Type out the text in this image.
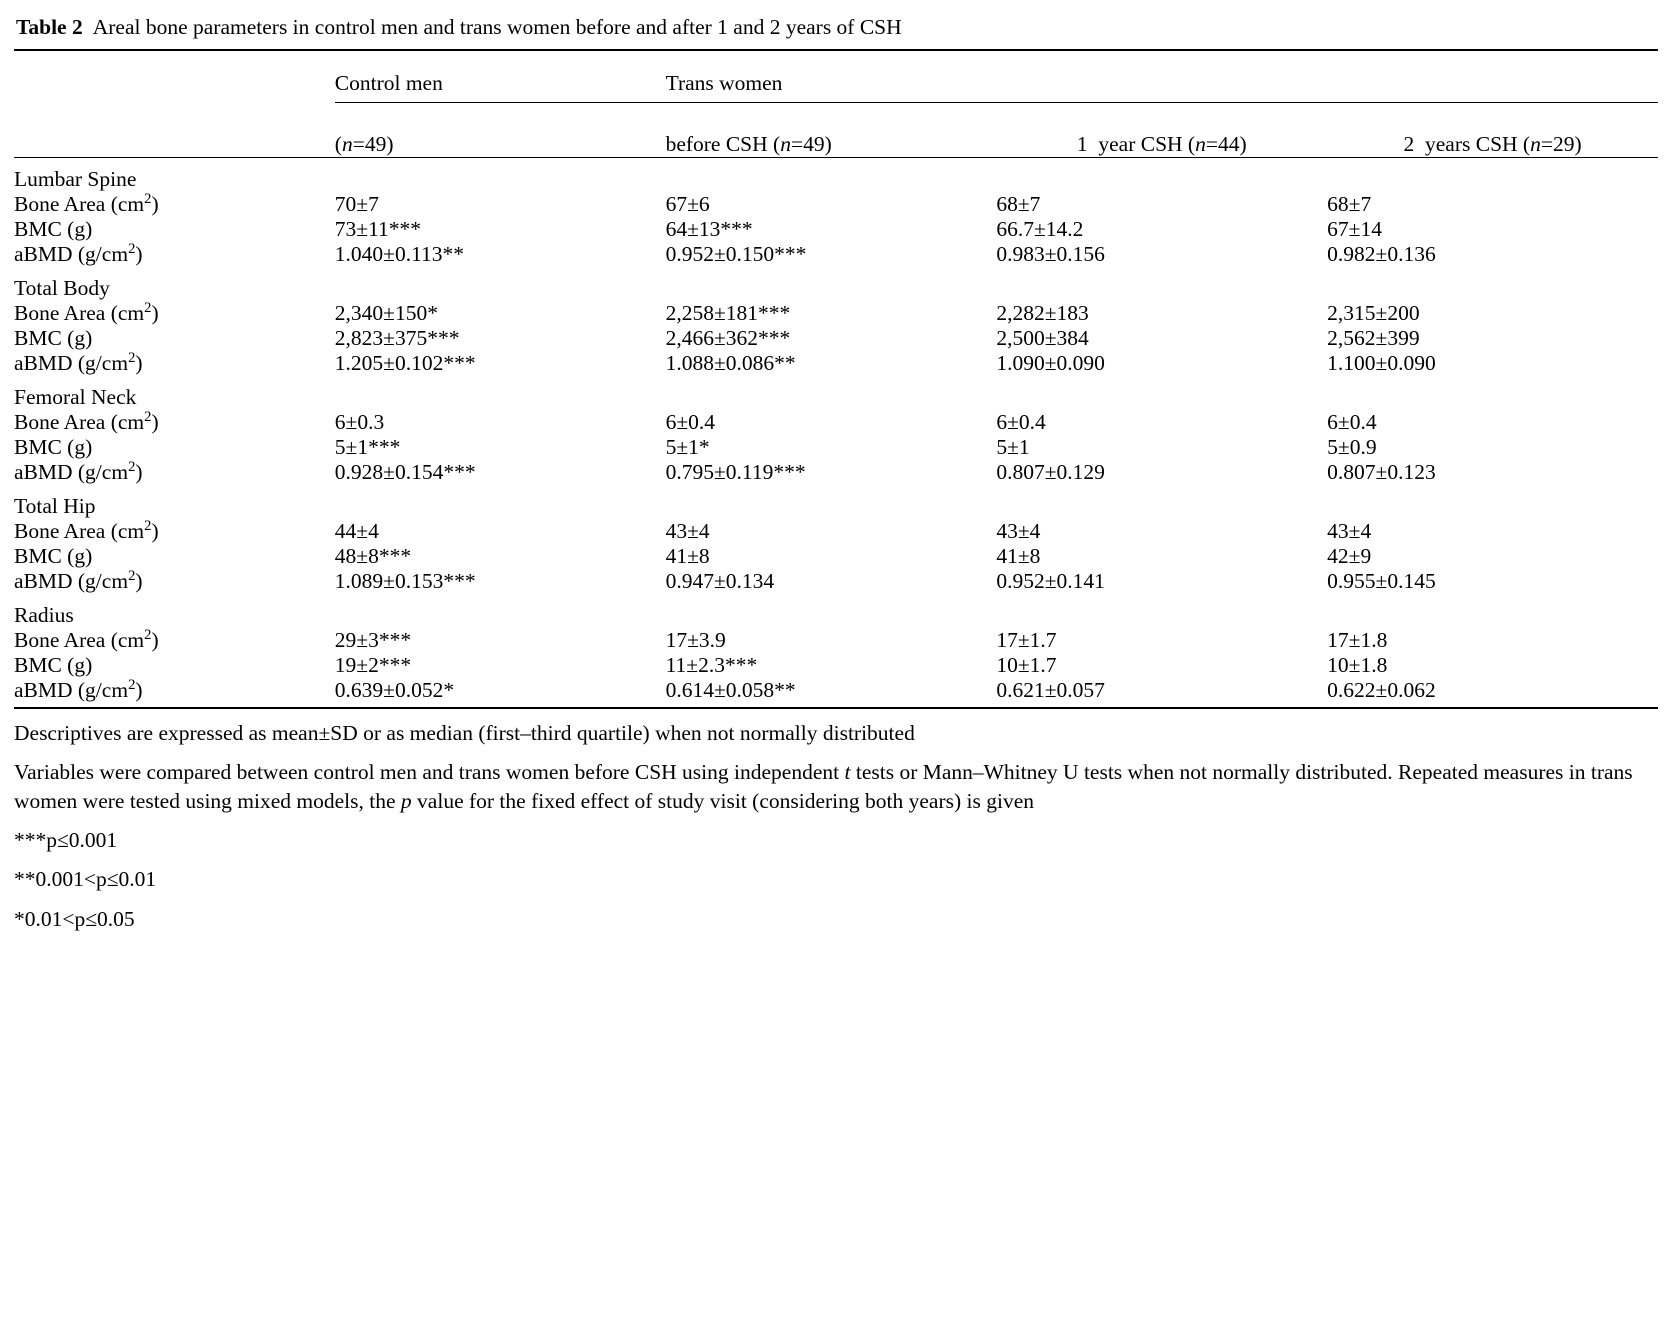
Table 2 Areal bone parameters in control men and trans women before and after 1 and 2 years of CSH

	Control men	Trans women		

	(n=49)	before CSH (n=49)	1  year CSH (n=44)	2  years CSH (n=29)
Lumbar Spine				
Bone Area $(cm^2)$	70±7	67±6	68±7	68±7
BMC (g)	73±11***	64±13***	66.7±14.2	67±14
aBMD $(g/cm^2)$	1.040±0.113**	0.952±0.150***	0.983±0.156	0.982±0.136
Total Body				
Bone Area $(cm^2)$	2,340±150*	2,258±181***	2,282±183	2,315±200
BMC (g)	2,823±375***	2,466±362***	2,500±384	2,562±399
aBMD $(g/cm^2)$	1.205±0.102***	1.088±0.086**	1.090±0.090	1.100±0.090
Femoral Neck				
Bone Area $(cm^2)$	6±0.3	6±0.4	6±0.4	6±0.4
BMC (g)	5±1***	5±1*	5±1	5±0.9
aBMD $(g/cm^2)$	0.928±0.154***	0.795±0.119***	0.807±0.129	0.807±0.123
Total Hip				
Bone Area $(cm^2)$	44±4	43±4	43±4	43±4
BMC (g)	48±8***	41±8	41±8	42±9
aBMD $(g/cm^2)$	1.089±0.153***	0.947±0.134	0.952±0.141	0.955±0.145
Radius				
Bone Area $(cm^2)$	29±3***	17±3.9	17±1.7	17±1.8
BMC (g)	19±2***	11±2.3***	10±1.7	10±1.8
aBMD $(g/cm^2)$	0.639±0.052*	0.614±0.058**	0.621±0.057	0.622±0.062

Descriptives are expressed as mean±SD or as median (first–third quartile) when not normally distributed

Variables were compared between control men and trans women before CSH using independent t tests or Mann–Whitney U tests when not normally distributed. Repeated measures in trans women were tested using mixed models, the p value for the fixed effect of study visit (considering both years) is given

***p≤0.001

**0.001<p≤0.01

*0.01<p≤0.05
